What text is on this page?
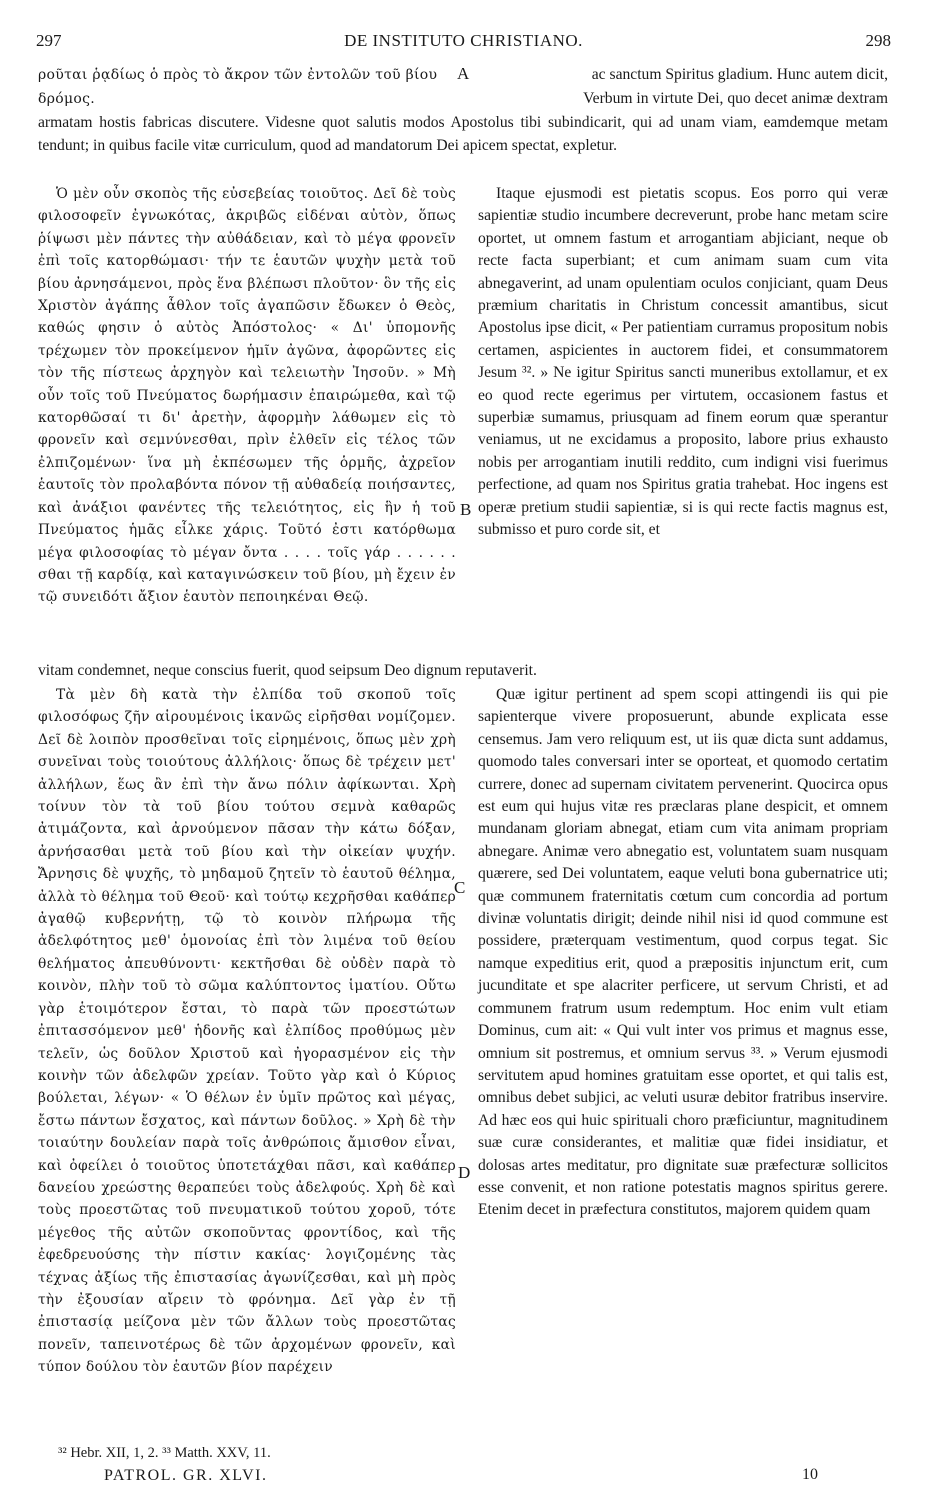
297	DE INSTITUTO CHRISTIANO.	298
ρoῦται ῥᾳδίως ὁ πρὸς τὸ ἄκρον τῶν ἐντολῶν τοῦ βίου	A	ac sanctum Spiritus gladium. Hunc autem dicit,
δρόμος.	Verbum in virtute Dei, quo decet animæ dextram
armatam hostis fabricas discutere. Videsne quot salutis modos Apostolus tibi subindicarit, qui ad unam viam, eamdemque metam tendunt; in quibus facile vitæ curriculum, quod ad mandatorum Dei apicem spectat, expletur.

Ὁ μὲν οὖν σκοπὸς τῆς εὐσεβείας τοιοῦτος. Δεῖ δὲ τοὺς φιλοσοφεῖν ἐγνωκότας, ἀκριβῶς εἰδέναι αὐτὸν, ὅπως ῥίψωσι μὲν πάντες τὴν αὐθάδειαν, καὶ τὸ μέγα φρονεῖν ἐπὶ τοῖς κατορθώμασι· τήν τε ἑαυτῶν ψυχὴν μετὰ τοῦ βίου ἀρνησάμενοι, πρὸς ἕνα βλέπωσι πλοῦτον· ὃν τῆς εἰς Χριστὸν ἀγάπης ἆθλον τοῖς ἀγαπῶσιν ἔδωκεν ὁ Θεὸς, καθώς φησιν ὁ αὐτὸς Ἀπόστολος· « Δι' ὑπομονῆς τρέχωμεν τὸν προκείμενον ἡμῖν ἀγῶνα, ἀφορῶντες εἰς τὸν τῆς πίστεως ἀρχηγὸν καὶ τελειωτὴν Ἰησοῦν. » Μὴ οὖν τοῖς τοῦ Πνεύματος δωρήμασιν ἐπαιρώμεθα, καὶ τῷ κατορθῶσαί τι δι' ἀρετὴν, ἀφορμὴν λάθωμεν εἰς τὸ φρονεῖν καὶ σεμνύνεσθαι, πρὶν ἐλθεῖν εἰς τέλος τῶν ἐλπιζομένων· ἵνα μὴ ἐκπέσωμεν τῆς ὁρμῆς, ἀχρεῖον ἑαυτοῖς τὸν προλαβόντα πόνον τῇ αὐθαδείᾳ ποιήσαντες, καὶ ἀνάξιοι φανέντες τῆς τελειότητος, εἰς ἣν ἡ τοῦ Πνεύματος ἡμᾶς εἷλκε χάρις. Τοῦτό ἐστι κατόρθωμα μέγα φιλοσοφίας τὸ μέγαν ὄντα . . . . τοῖς γάρ . . . . . . σθαι τῇ καρδίᾳ, καὶ καταγινώσκειν τοῦ βίου, μὴ ἔχειν ἐν τῷ συνειδότι ἄξιον ἑαυτὸν πεποιηκέναι Θεῷ.

B

Itaque ejusmodi est pietatis scopus. Eos porro qui veræ sapientiæ studio incumbere decreverunt, probe hanc metam scire oportet, ut omnem fastum et arrogantiam abjiciant, neque ob recte facta superbiant; et cum animam suam cum vita abnegaverint, ad unam opulentiam oculos conjiciant, quam Deus præmium charitatis in Christum concessit amantibus, sicut Apostolus ipse dicit, « Per patientiam curramus propositum nobis certamen, aspicientes in auctorem fidei, et consummatorem Jesum ³². » Ne igitur Spiritus sancti muneribus extollamur, et ex eo quod recte egerimus per virtutem, occasionem fastus et superbiæ sumamus, priusquam ad finem eorum quæ sperantur veniamus, ut ne excidamus a proposito, labore prius exhausto nobis per arrogantiam inutili reddito, cum indigni visi fuerimus perfectione, ad quam nos Spiritus gratia trahebat. Hoc ingens est operæ pretium studii sapientiæ, si is qui recte factis magnus est, submisso et puro corde sit, et

vitam condemnet, neque conscius fuerit, quod seipsum Deo dignum reputaverit.

Τὰ μὲν δὴ κατὰ τὴν ἐλπίδα τοῦ σκοποῦ τοῖς φιλοσόφως ζῆν αἱρουμένοις ἱκανῶς εἰρῆσθαι νομίζομεν. Δεῖ δὲ λοιπὸν προσθεῖναι τοῖς εἰρημένοις, ὅπως μὲν χρὴ συνεῖναι τοὺς τοιούτους ἀλλήλοις· ὅπως δὲ τρέχειν μετ' ἀλλήλων, ἕως ἂν ἐπὶ τὴν ἄνω πόλιν ἀφίκωνται. Χρὴ τοίνυν τὸν τὰ τοῦ βίου τούτου σεμνὰ καθαρῶς ἀτιμάζοντα, καὶ ἀρνούμενον πᾶσαν τὴν κάτω δόξαν, ἀρνήσασθαι μετὰ τοῦ βίου καὶ τὴν οἰκείαν ψυχήν. Ἄρνησις δὲ ψυχῆς, τὸ μηδαμοῦ ζητεῖν τὸ ἑαυτοῦ θέλημα, ἀλλὰ τὸ θέλημα τοῦ Θεοῦ· καὶ τούτῳ κεχρῆσθαι καθάπερ ἀγαθῷ κυβερνήτῃ, τῷ τὸ κοινὸν πλήρωμα τῆς ἀδελφότητος μεθ' ὁμονοίας ἐπὶ τὸν λιμένα τοῦ θείου θελήματος ἀπευθύνοντι· κεκτῆσθαι δὲ οὐδὲν παρὰ τὸ κοινὸν, πλὴν τοῦ τὸ σῶμα καλύπτοντος ἱματίου. Οὕτω γὰρ ἑτοιμότερον ἔσται, τὸ παρὰ τῶν προεστώτων ἐπιτασσόμενον μεθ' ἡδονῆς καὶ ἐλπίδος προθύμως μὲν τελεῖν, ὡς δοῦλον Χριστοῦ καὶ ἠγορασμένον εἰς τὴν κοινὴν τῶν ἀδελφῶν χρείαν. Τοῦτο γὰρ καὶ ὁ Κύριος βούλεται, λέγων· « Ὁ θέλων ἐν ὑμῖν πρῶτος καὶ μέγας, ἔστω πάντων ἔσχατος, καὶ πάντων δοῦλος. » Χρὴ δὲ τὴν τοιαύτην δουλείαν παρὰ τοῖς ἀνθρώποις ἄμισθον εἶναι, καὶ ὀφείλει ὁ τοιοῦτος ὑποτετάχθαι πᾶσι, καὶ καθάπερ δανείου χρεώστης θεραπεύει τοὺς ἀδελφούς. Χρὴ δὲ καὶ τοὺς προεστῶτας τοῦ πνευματικοῦ τούτου χοροῦ, τότε μέγεθος τῆς αὐτῶν σκοποῦντας φροντίδος, καὶ τῆς ἐφεδρευούσης τὴν πίστιν κακίας· λογιζομένης τὰς τέχνας ἀξίως τῆς ἐπιστασίας ἀγωνίζεσθαι, καὶ μὴ πρὸς τὴν ἐξουσίαν αἴρειν τὸ φρόνημα. Δεῖ γὰρ ἐν τῇ ἐπιστασίᾳ μείζονα μὲν τῶν ἄλλων τοὺς προεστῶτας πονεῖν, ταπεινοτέρως δὲ τῶν ἀρχομένων φρονεῖν, καὶ τύπον δούλου τὸν ἑαυτῶν βίον παρέχειν

C
D

Quæ igitur pertinent ad spem scopi attingendi iis qui pie sapienterque vivere proposuerunt, abunde explicata esse censemus. Jam vero reliquum est, ut iis quæ dicta sunt addamus, quomodo tales conversari inter se oporteat, et quomodo certatim currere, donec ad supernam civitatem pervenerint. Quocirca opus est eum qui hujus vitæ res præclaras plane despicit, et omnem mundanam gloriam abnegat, etiam cum vita animam propriam abnegare. Animæ vero abnegatio est, voluntatem suam nusquam quærere, sed Dei voluntatem, eaque veluti bona gubernatrice uti; quæ communem fraternitatis cœtum cum concordia ad portum divinæ voluntatis dirigit; deinde nihil nisi id quod commune est possidere, præterquam vestimentum, quod corpus tegat. Sic namque expeditius erit, quod a præpositis injunctum erit, cum jucunditate et spe alacriter perficere, ut servum Christi, et ad communem fratrum usum redemptum. Hoc enim vult etiam Dominus, cum ait: « Qui vult inter vos primus et magnus esse, omnium sit postremus, et omnium servus ³³. » Verum ejusmodi servitutem apud homines gratuitam esse oportet, et qui talis est, omnibus debet subjici, ac veluti usuræ debitor fratribus inservire. Ad hæc eos qui huic spirituali choro præficiuntur, magnitudinem suæ curæ considerantes, et malitiæ quæ fidei insidiatur, et dolosas artes meditatur, pro dignitate suæ præfecturæ sollicitos esse convenit, et non ratione potestatis magnos spiritus gerere. Etenim decet in præfectura constitutos, majorem quidem quam

³² Hebr. XII, 1, 2. ³³ Matth. XXV, 11.
PATROL. GR. XLVI.	10
